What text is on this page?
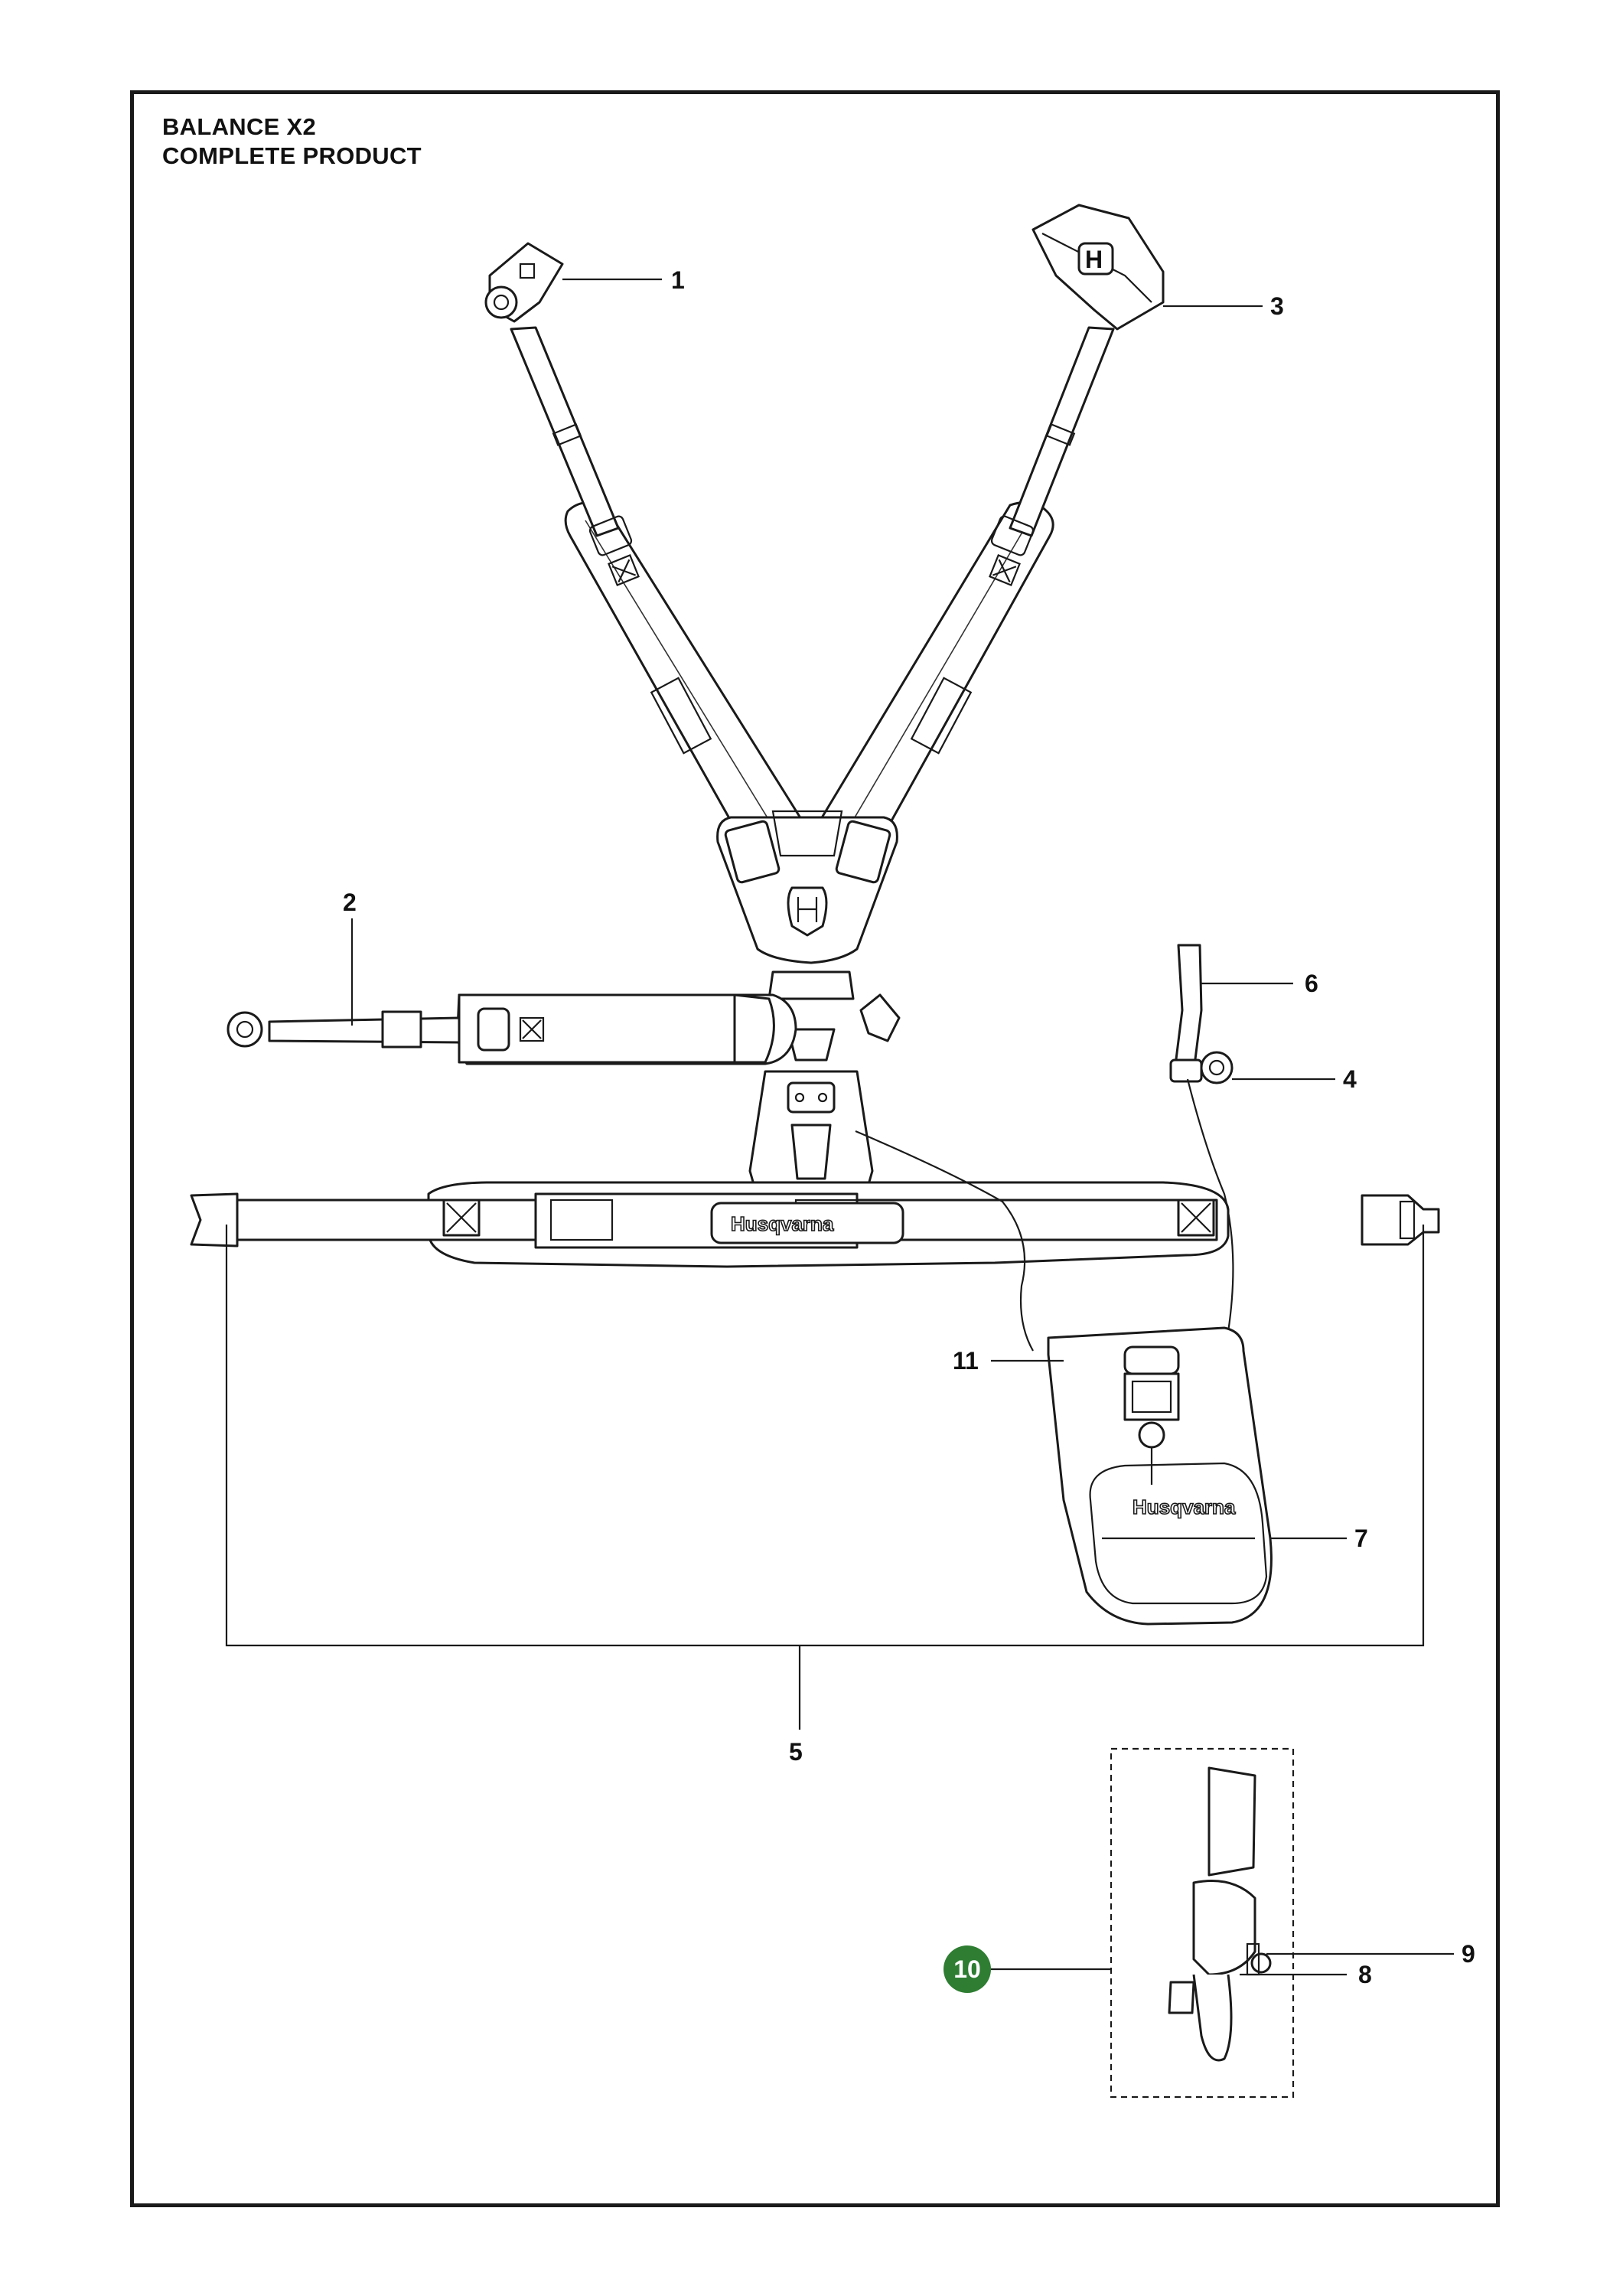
BALANCE X2
COMPLETE PRODUCT
H
Husqvarna
Husqvarna
1
2
3
4
5
6
7
8
9
10
11
